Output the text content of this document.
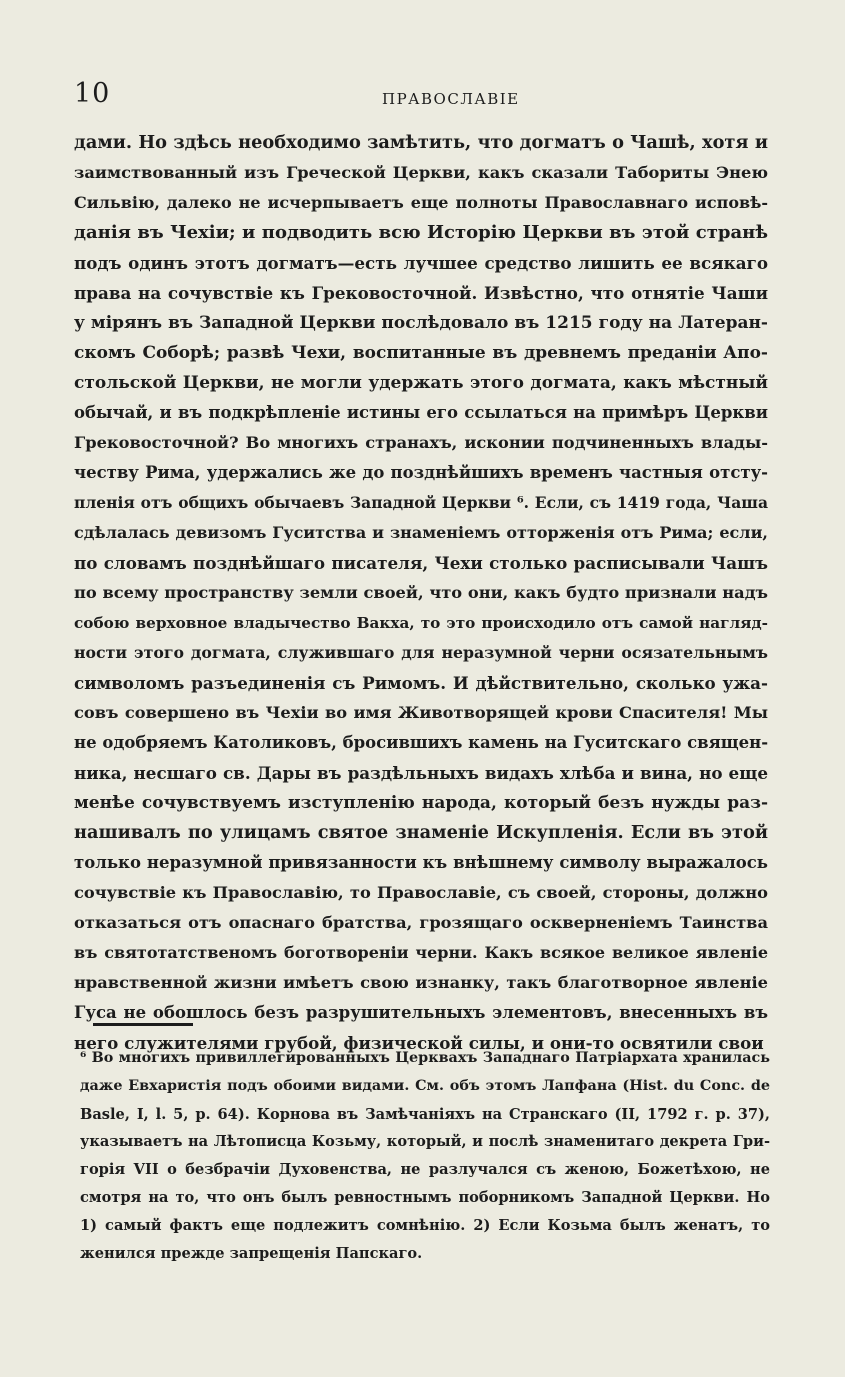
10	ПРАВОСЛАВІЕ
дами. Но здѣсь необходимо замѣтить, что догматъ о Чашѣ, хотя и
заимствованный изъ Греческой Церкви, какъ сказали Табориты Энею
Сильвію, далеко не исчерпываетъ еще полноты Православнаго исповѣ-
данія въ Чехіи; и подводить всю Исторію Церкви въ этой странѣ
подъ одинъ этотъ догматъ—есть лучшее средство лишить ее всякаго
права на сочувствіе къ Грековосточной. Извѣстно, что отнятіе Чаши
у мірянъ въ Западной Церкви послѣдовало въ 1215 году на Латеран-
скомъ Соборѣ; развѣ Чехи, воспитанные въ древнемъ преданіи Апо-
стольской Церкви, не могли удержать этого догмата, какъ мѣстный
обычай, и въ подкрѣпленіе истины его ссылаться на примѣръ Церкви
Грековосточной? Во многихъ странахъ, исконии подчиненныхъ влады-
честву Рима, удержались же до позднѣйшихъ временъ частныя отсту-
пленія отъ общихъ обычаевъ Западной Церкви ⁶. Если, съ 1419 года, Чаша
сдѣлалась девизомъ Гуситства и знаменіемъ отторженія отъ Рима; если,
по словамъ позднѣйшаго писателя, Чехи столько расписывали Чашъ
по всему пространству земли своей, что они, какъ будто признали надъ
собою верховное владычество Вакха, то это происходило отъ самой нагляд-
ности этого догмата, служившаго для неразумной черни осязательнымъ
символомъ разъединенія съ Римомъ. И дѣйствительно, сколько ужа-
совъ совершено въ Чехіи во имя Животворящей крови Спасителя! Мы
не одобряемъ Католиковъ, бросившихъ камень на Гуситскаго священ-
ника, несшаго св. Дары въ раздѣльныхъ видахъ хлѣба и вина, но еще
менѣе сочувствуемъ изступленію народа, который безъ нужды раз-
нашивалъ по улицамъ святое знаменіе Искупленія. Если въ этой
только неразумной привязанности къ внѣшнему символу выражалось
сочувствіе къ Православію, то Православіе, съ своей, стороны, должно
отказаться отъ опаснаго братства, грозящаго оскверненіемъ Таинства
въ святотатственомъ боготвореніи черни. Какъ всякое великое явленіе
нравственной жизни имѣетъ свою изнанку, такъ благотворное явленіе
Гуса не обошлось безъ разрушительныхъ элементовъ, внесенныхъ въ
него служителями грубой, физической силы, и они-то освятили свои
⁶ Во многихъ привиллегированныхъ Церквахъ Западнаго Патріархата хранилась
даже Евхаристія подъ обоими видами. См. объ этомъ Лапфана (Hist. du Conc. de
Basle, I, l. 5, p. 64). Корнова въ Замѣчаніяхъ на Странскаго (II, 1792 г. p. 37),
указываетъ на Лѣтописца Козьму, который, и послѣ знаменитаго декрета Гри-
горія VII о безбрачіи Духовенства, не разлучался съ женою, Божетѣхою, не
смотря на то, что онъ былъ ревностнымъ поборникомъ Западной Церкви. Но
1) самый фактъ еще подлежитъ сомнѣнію. 2) Если Козьма былъ женатъ, то
женился прежде запрещенія Папскаго.
